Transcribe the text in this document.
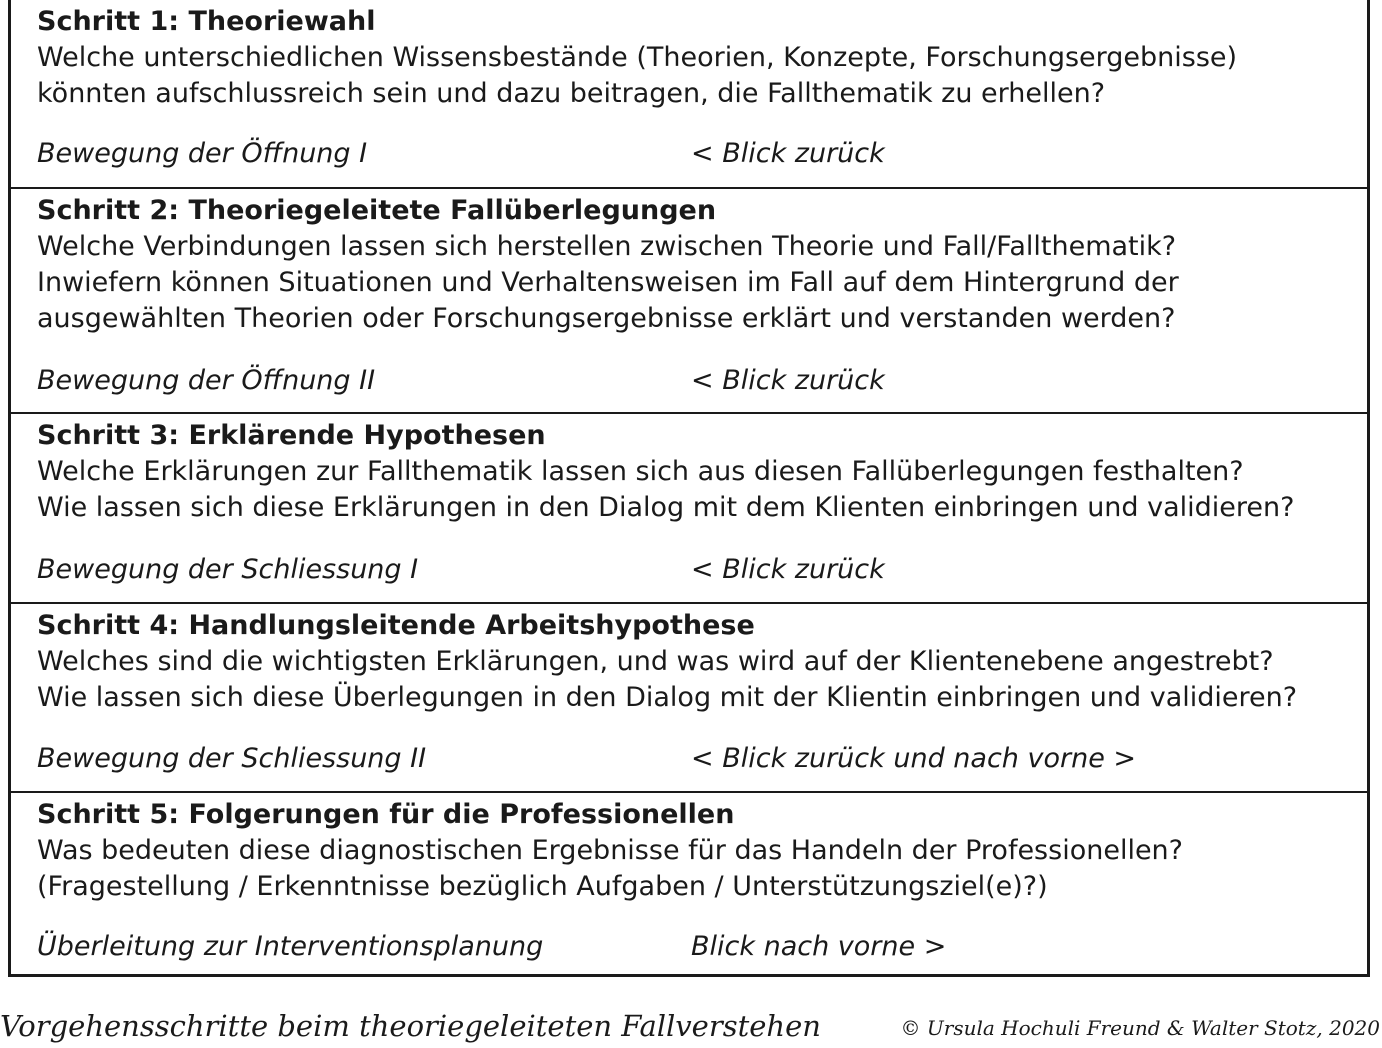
Schritt 1: Theoriewahl
Welche unterschiedlichen Wissensbestände (Theorien, Konzepte, Forschungsergebnisse)
könnten aufschlussreich sein und dazu beitragen, die Fallthematik zu erhellen?
Bewegung der Öffnung I	< Blick zurück
Schritt 2: Theoriegeleitete Fallüberlegungen
Welche Verbindungen lassen sich herstellen zwischen Theorie und Fall/Fallthematik?
Inwiefern können Situationen und Verhaltensweisen im Fall auf dem Hintergrund der
ausgewählten Theorien oder Forschungsergebnisse erklärt und verstanden werden?
Bewegung der Öffnung II	< Blick zurück
Schritt 3: Erklärende Hypothesen
Welche Erklärungen zur Fallthematik lassen sich aus diesen Fallüberlegungen festhalten?
Wie lassen sich diese Erklärungen in den Dialog mit dem Klienten einbringen und validieren?
Bewegung der Schliessung I	< Blick zurück
Schritt 4: Handlungsleitende Arbeitshypothese
Welches sind die wichtigsten Erklärungen, und was wird auf der Klientenebene angestrebt?
Wie lassen sich diese Überlegungen in den Dialog mit der Klientin einbringen und validieren?
Bewegung der Schliessung II	< Blick zurück und nach vorne >
Schritt 5: Folgerungen für die Professionellen
Was bedeuten diese diagnostischen Ergebnisse für das Handeln der Professionellen?
(Fragestellung / Erkenntnisse bezüglich Aufgaben / Unterstützungsziel(e)?)
Überleitung zur Interventionsplanung	Blick nach vorne >
Vorgehensschritte beim theoriegeleiteten Fallverstehen	© Ursula Hochuli Freund & Walter Stotz, 2020
